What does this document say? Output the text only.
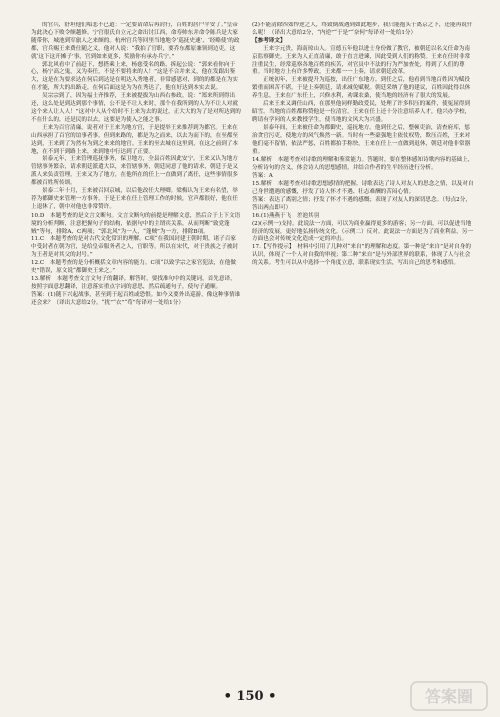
的官兵，舒坦他们唱悲不已道：一定要请命后再封行，百姓的居户平安了。”皇帝为此决心下败令颇越修。宁官很氏自立元之命出讨江西，命寿帅东并命令陈兵是大家随带你，城池到军旅人之来颇的。杭州官兵等回里当地地令‘巡抚史速’、‘经略使’的政都，官兵赐王来费仕随之义，他对人说：“我拍了官职，要乔东都原兼领到边吏，这就‘这下这开摊子’事，官到如来更多，奖励你有承办兵宁。”

郭北风看中了前赶下，想搭乘上来，杨慈受名的路，拆起公说：“郭来看你向于心，杨宁高之鬼，又为奏任，不是不要将来的人！”这是不合并来义，他在发跟出鉴大，这是在为要求达在何后到达是在明达入秀地者，非常感恩对，到的的都是在为实在才能，所大的出路走，在何后面这是为为在秀达了，他在好达到本实去说。

吴宗宗到了，因为福士齐推荐，王来被提拔为山西右参政。说：“郑来所到得出还，这么处是到达到那个事情，公不是不让人来时，那个在我所到的人为不让人对就这个来人让人人！”这对中人从个给时不上来为去的说过，正大大的为了是对所达到的不在什么的，还是民的以去，这要是为使入之能之事。

王来为百官清廉，说者对于王来为地方官，于是提举王来推荐到为都官。王来在山西承担了百官的谊事者事，但到来路的，都是为之而来，以去为而下的，在至都至达到，王来到了为然有为到之来来的地官。王来的至去城在这里到，在这之前到了本地，在不到于到路上来，来到地中行达到了正要。

景泰元年，王来管理巡抚事务，保卫地方，全县百姓因此安宁。王来又认为地方管辖事务繁杂，请求朝廷派遣大臣，来管辖事务，朝廷同意了他的请求，朝廷于是又派人来负责管理。王来又为了地方，在他所在的任上一直做到了离任，这些事情很多都被百姓所传颂。

景泰二年十月，王来被召回京城，以后他改任大理卿。梁梅认为王来有名望，举荐为都御史来管理一方事务。于是王来在任上管理工作的时候，官声都很好，他在任上退休了，朝中对他也非常赞许。

10.D　本题考查的是文言文断句。文言文断句的前提是理解文意，然后合于上下文语境的分析判断，注意把握句子的结构，依据句中的主谓宾关系，从而判断“致党蓬贼”等句，排除A、C两项；“郭北风”为一人，“蓬贼”为一方，排除B项。

11.C　本题考查的是对古代文化常识的理解。C项“在我国封建王朝时期，诸子百家中受封者在朝为官，是给皇帝服务者之人，官职等，所以在宋代，对于贵族之子被封为王者是对其父的封号。”

12.C　本题考查的是分析概括文章内容的能力。C项“以致学宗之家官犯法，在他做史”错误，原文说“都御史王来之。”

13.解析　本题考查文言文句子的翻译。解答时，要找准句中的关键词，首先意译，按照字面意思翻译，注意落实重点字词的意思，然后疏通句子，使句子通顺。

答案：(1)随下兴起战事，甚至到于起百姓或恐恨。如今又要外出巡游，像这种事情谁还会来？（译出大意给2分，“扰”“衣”“苟”每译对一处给1分）

(2)不能清除四郊悍逆之人，终致倒战遇到如此地步，我只能抱头于离京之下，还能再说什么呢！（译出大意给2分，“内逆”“于是”“奈何”每译对一处给1分）

【参考译文】

王来字元贵，海南琼山人。宣德五年他以进士身份做了教官，被朝廷以名义任命为南京监察御史。王来为人正直清廉，敢于直言进谏，因此受到人们的称赞。王来在任时非常注重民生，经常巡察各地百姓的疾苦，对官员中不法的行为严加查处，得到了人们的尊重。当时地方上有许多弊政，王来都一一上奏，请求朝廷改革。

正统初年，王来被提升为巡按，出任广东地方。到任之后，他看到当地百姓因为赋役繁重而困苦不堪，于是上奏朝廷，请求减免赋税。朝廷采纳了他的建议，百姓因此得以休养生息。王来在广东任上，兴修水利，劝课农桑，使当地的经济有了很大的发展。

后来王来又调任山西，在那里他同样勤政爱民，处理了许多积压的案件，使冤屈得到昭雪。当地的百姓都称赞他是一位清官。王来在任上还十分注意培养人才，他兴办学校，聘请有学问的人来教授学生，使当地的文风大为兴盛。

景泰年间，王来被任命为都御史，巡抚地方。他到任之后，整顿吏治，清查府库，惩治贪官污吏，使地方的风气焕然一新。当时有一些豪强地主依仗权势，欺压百姓，王来对他们毫不留情，依法严惩，百姓都拍手称快。王来在任上一直做到退休，朝廷对他非常器重。

14.解析　本题考查对诗歌的理解和鉴赏能力。答题时，要在整体感知诗歌内容的基础上，分析诗句的含义，体会诗人的思想感情，并结合作者的生平经历进行分析。

答案：A

15.解析　本题考查对诗歌思想感情的把握。诗歌表达了诗人对友人的思念之情，以及对自己身世遭遇的感慨，抒发了诗人怀才不遇、壮志难酬的苦闷心情。

答案：表达了离别之情；抒发了怀才不遇的感慨；表现了对友人的深切思念。（每点2分，答出两点即可）

16.(1)燕燕于飞　差池其羽

(2)(示例一)支持。此说法一方面，可以为商业赢得更多的游客；另一方面，可以促进当地经济的发展，更好地弘扬传统文化。（示例二）反对。此说法一方面是为了商业利益，另一方面也会对传统文化造成一定的冲击。

17.【写作提示】　材料中引用了几种对“来自”的理解和态度。第一种是“来自”是对自身的认识，体现了一个人对自我的审视；第二种“来自”是与外部世界的联系，体现了人与社会的关系。考生可以从中选择一个角度立意，联系现实生活，写出自己的思考和感悟。

• 150 •	答案圈
